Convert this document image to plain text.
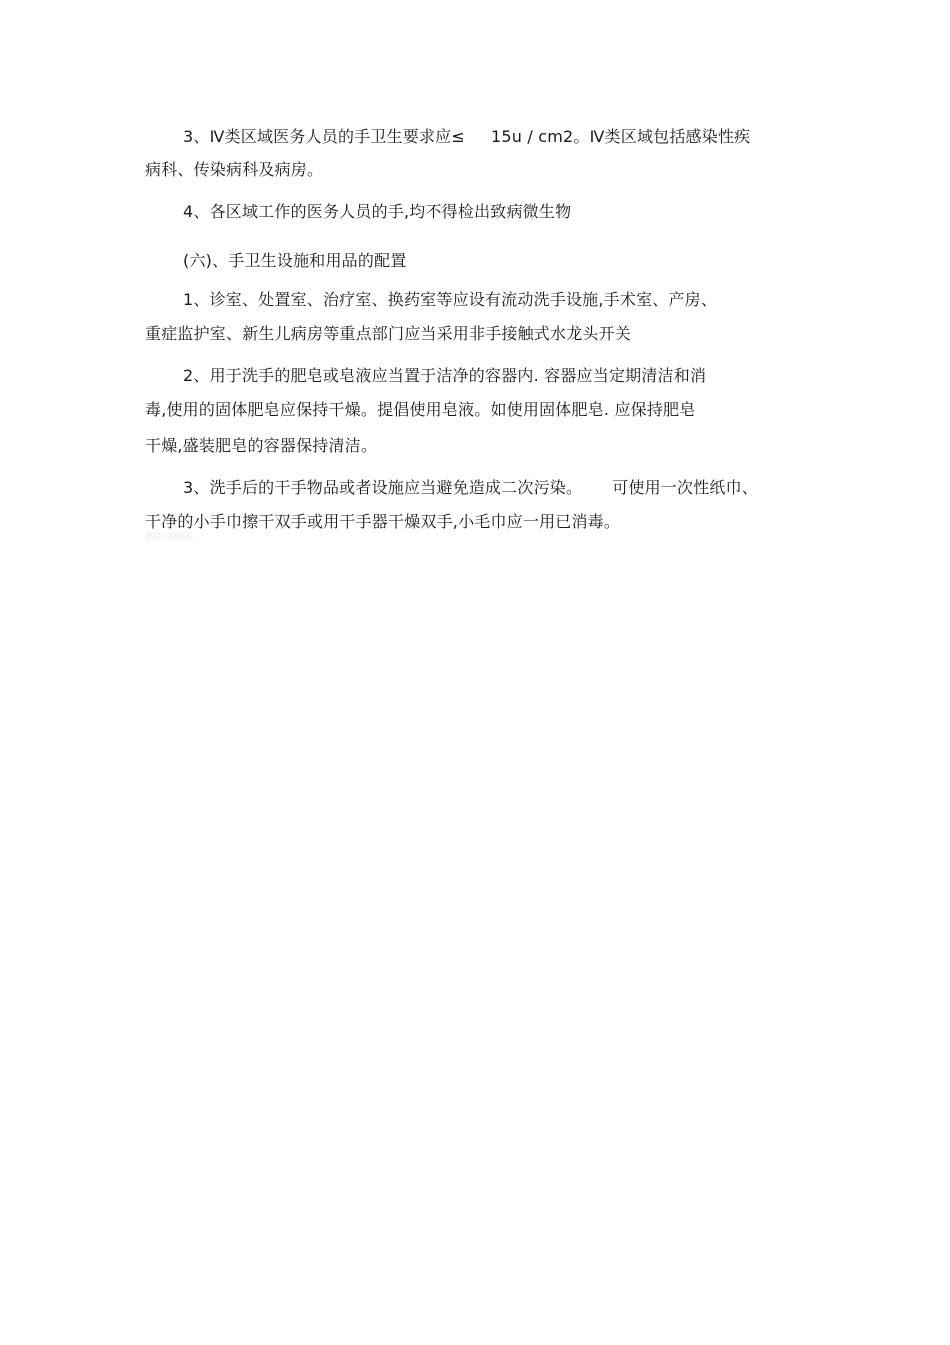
3、Ⅳ类区域医务人员的手卫生要求应≤ 15u / cm2。Ⅳ类区域包括感染性疾
病科、传染病科及病房。
4、各区域工作的医务人员的手,均不得检出致病微生物
(六)、手卫生设施和用品的配置
1、诊室、处置室、治疗室、换药室等应设有流动洗手设施,手术室、产房、
重症监护室、新生儿病房等重点部门应当采用非手接触式水龙头开关
2、用于洗手的肥皂或皂液应当置于洁净的容器内. 容器应当定期清洁和消
毒,使用的固体肥皂应保持干燥。提倡使用皂液。如使用固体肥皂. 应保持肥皂
干燥,盛装肥皂的容器保持清洁。
3、洗手后的干手物品或者设施应当避免造成二次污染。 可使用一次性纸巾、
干净的小手巾擦干双手或用干手器干燥双手,小毛巾应一用已消毒。
欢迎下载精品
